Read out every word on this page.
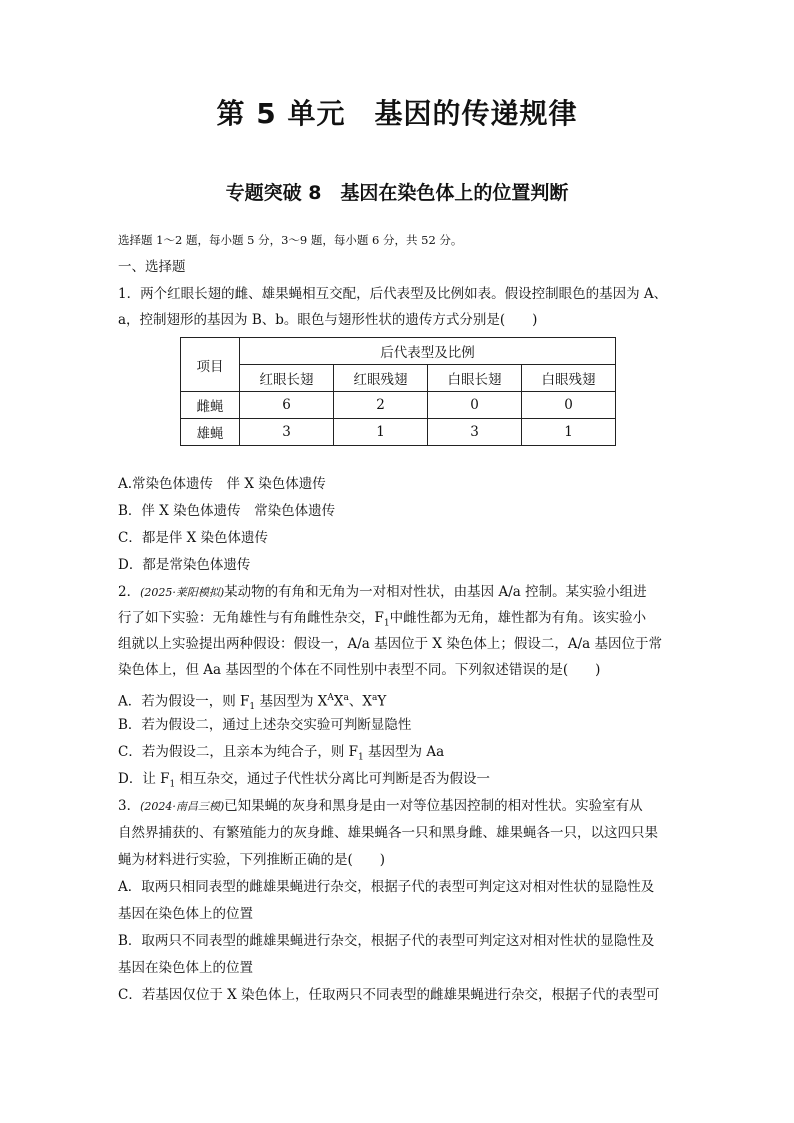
第 5 单元　基因的传递规律
专题突破 8　基因在染色体上的位置判断
选择题 1～2 题，每小题 5 分，3～9 题，每小题 6 分，共 52 分。
一、选择题
1．两个红眼长翅的雌、雄果蝇相互交配，后代表型及比例如表。假设控制眼色的基因为 A、
a，控制翅形的基因为 B、b。眼色与翅形性状的遗传方式分别是(　　)
项目	后代表型及比例			
	红眼长翅	红眼残翅	白眼长翅	白眼残翅
雌蝇	6	2	0	0
雄蝇	3	1	3	1
A.常染色体遗传　伴 X 染色体遗传
B．伴 X 染色体遗传　常染色体遗传
C．都是伴 X 染色体遗传
D．都是常染色体遗传
2．(2025·莱阳模拟)某动物的有角和无角为一对相对性状，由基因 A/a 控制。某实验小组进
行了如下实验：无角雄性与有角雌性杂交，$F_1$中雌性都为无角，雄性都为有角。该实验小
组就以上实验提出两种假设：假设一，A/a 基因位于 X 染色体上；假设二，A/a 基因位于常
染色体上，但 Aa 基因型的个体在不同性别中表型不同。下列叙述错误的是(　　)
A．若为假设一，则 $F_1$ 基因型为 $X^AX^a$、$X^aY$
B．若为假设二，通过上述杂交实验可判断显隐性
C．若为假设二，且亲本为纯合子，则 $F_1$ 基因型为 Aa
D．让 $F_1$ 相互杂交，通过子代性状分离比可判断是否为假设一
3．(2024·南昌三模)已知果蝇的灰身和黑身是由一对等位基因控制的相对性状。实验室有从
自然界捕获的、有繁殖能力的灰身雌、雄果蝇各一只和黑身雌、雄果蝇各一只，以这四只果
蝇为材料进行实验，下列推断正确的是(　　)
A．取两只相同表型的雌雄果蝇进行杂交，根据子代的表型可判定这对相对性状的显隐性及
基因在染色体上的位置
B．取两只不同表型的雌雄果蝇进行杂交，根据子代的表型可判定这对相对性状的显隐性及
基因在染色体上的位置
C．若基因仅位于 X 染色体上，任取两只不同表型的雌雄果蝇进行杂交，根据子代的表型可
